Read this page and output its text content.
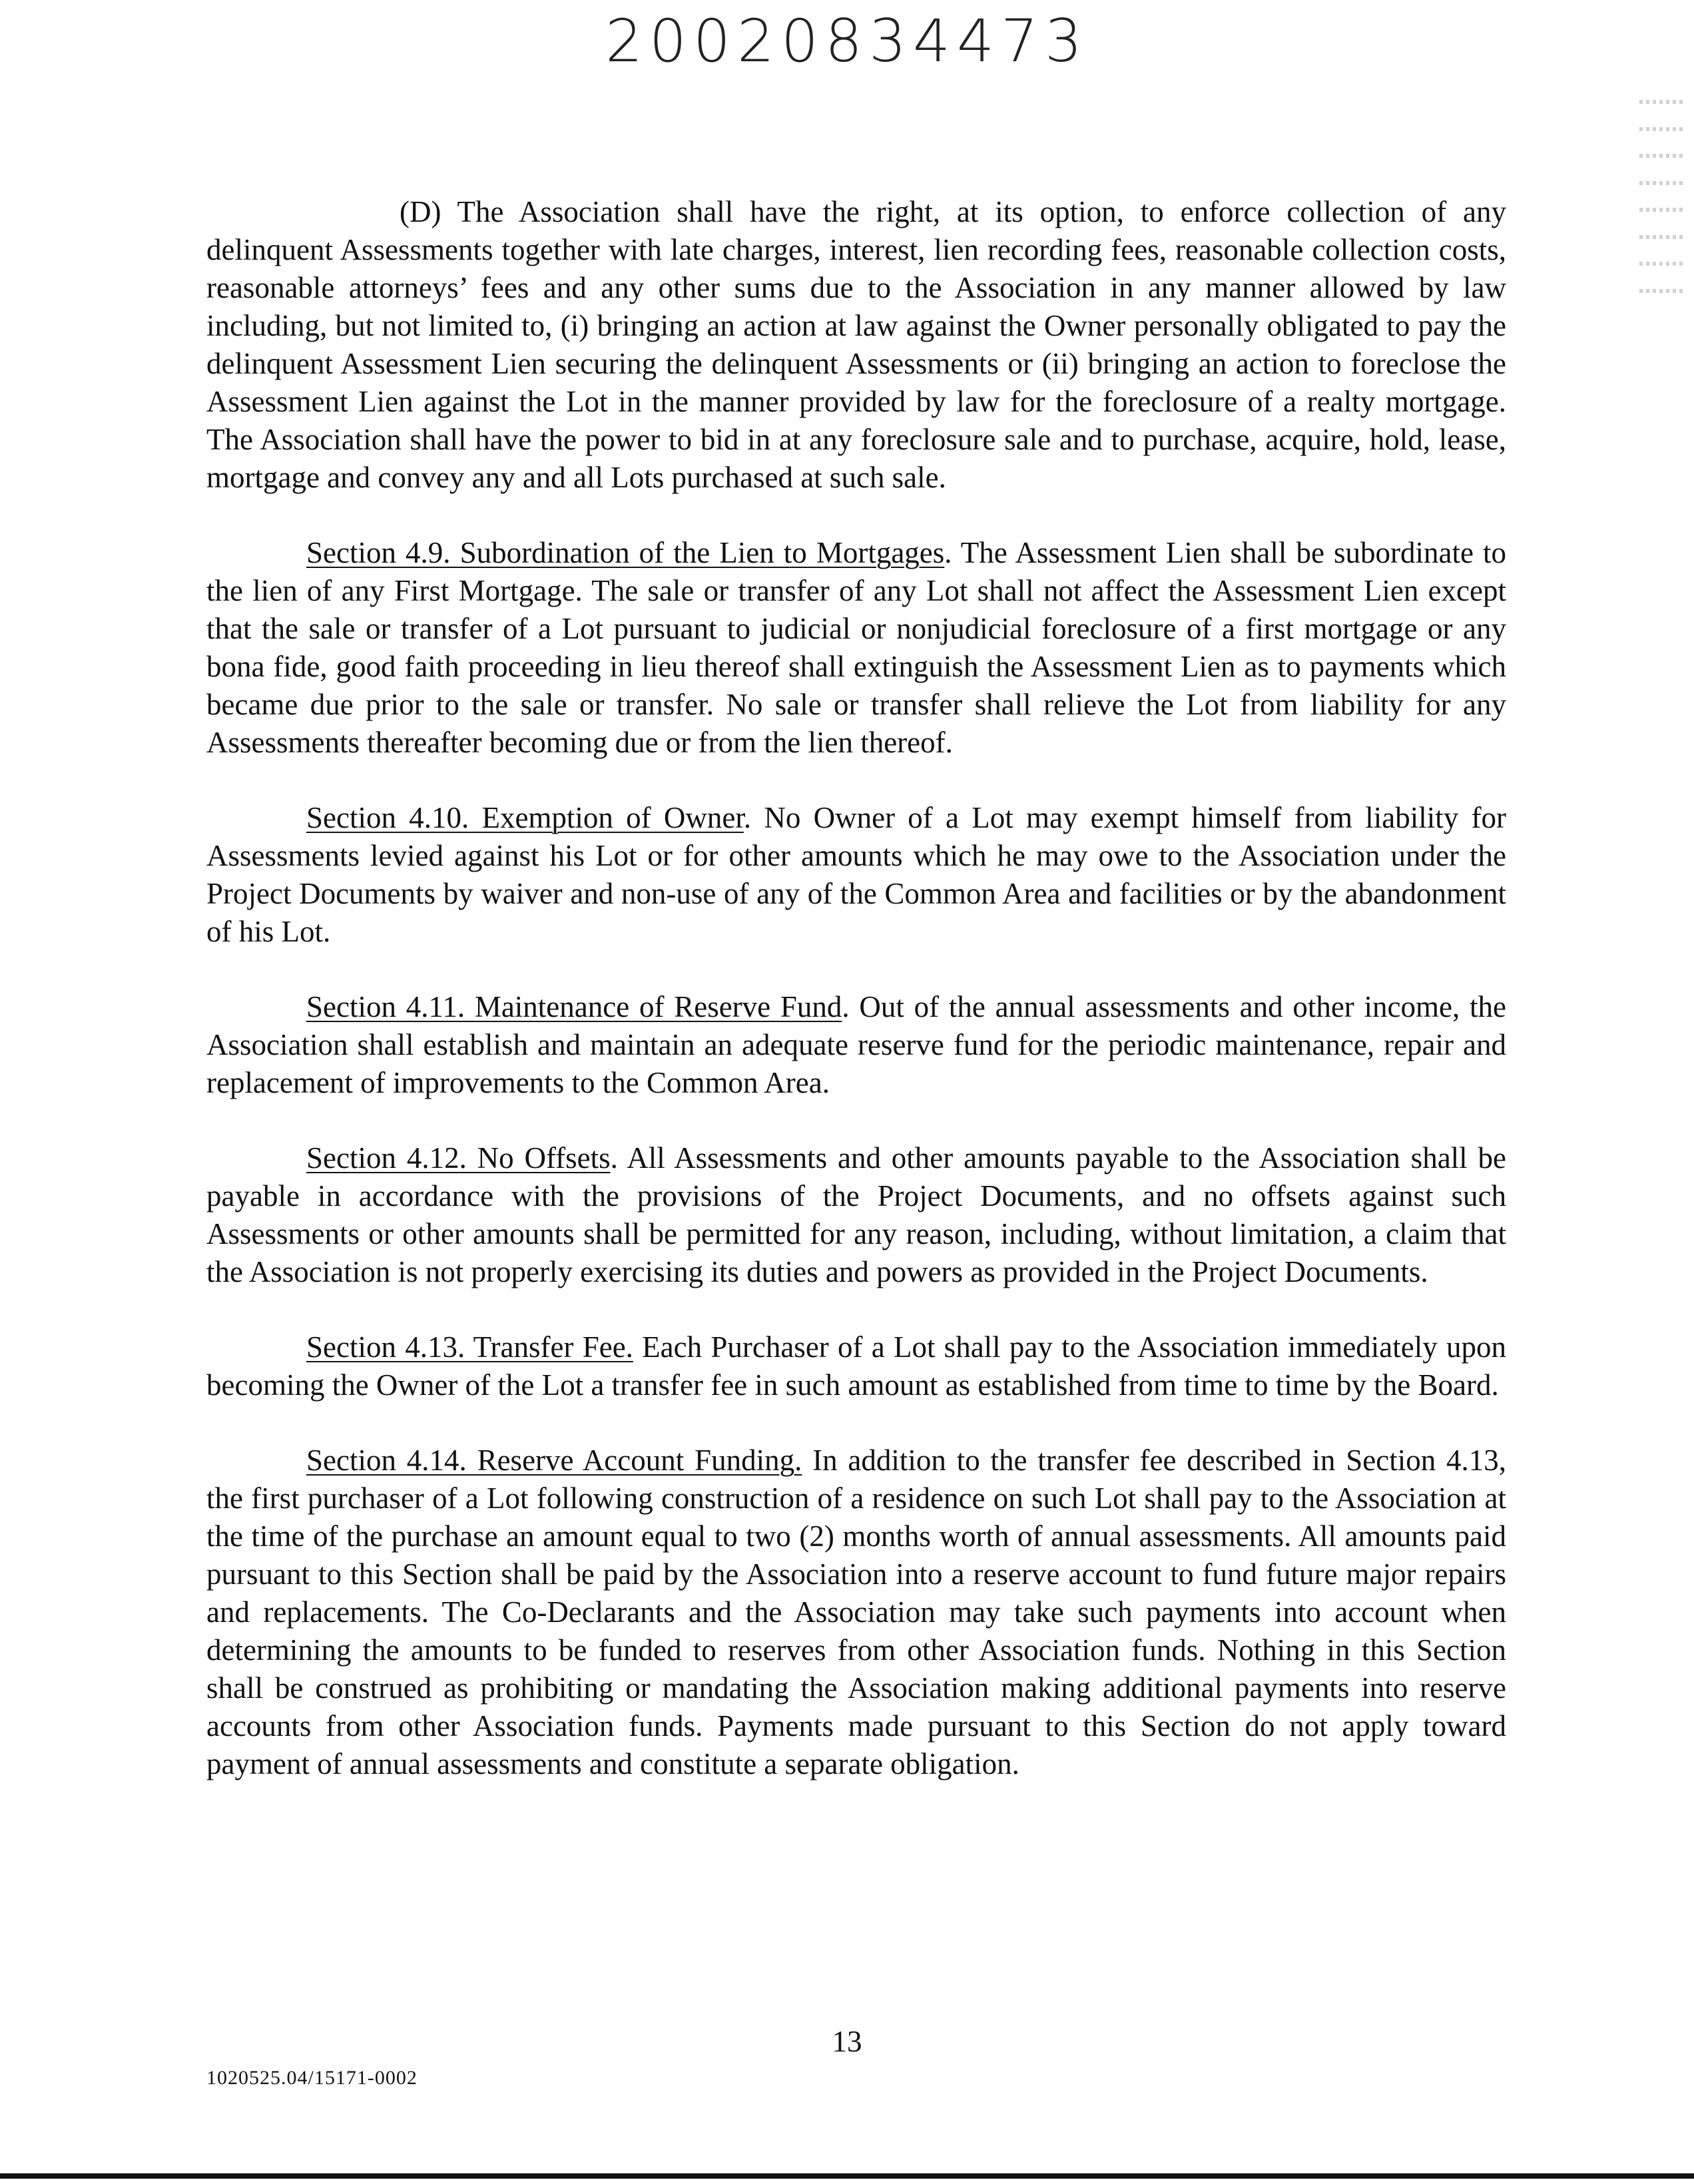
20020834473

(D) The Association shall have the right, at its option, to enforce collection of any delinquent Assessments together with late charges, interest, lien recording fees, reasonable collection costs, reasonable attorneys’ fees and any other sums due to the Association in any manner allowed by law including, but not limited to, (i) bringing an action at law against the Owner personally obligated to pay the delinquent Assessment Lien securing the delinquent Assessments or (ii) bringing an action to foreclose the Assessment Lien against the Lot in the manner provided by law for the foreclosure of a realty mortgage. The Association shall have the power to bid in at any foreclosure sale and to purchase, acquire, hold, lease, mortgage and convey any and all Lots purchased at such sale.

Section 4.9. Subordination of the Lien to Mortgages. The Assessment Lien shall be subordinate to the lien of any First Mortgage. The sale or transfer of any Lot shall not affect the Assessment Lien except that the sale or transfer of a Lot pursuant to judicial or nonjudicial foreclosure of a first mortgage or any bona fide, good faith proceeding in lieu thereof shall extinguish the Assessment Lien as to payments which became due prior to the sale or transfer. No sale or transfer shall relieve the Lot from liability for any Assessments thereafter becoming due or from the lien thereof.

Section 4.10. Exemption of Owner. No Owner of a Lot may exempt himself from liability for Assessments levied against his Lot or for other amounts which he may owe to the Association under the Project Documents by waiver and non-use of any of the Common Area and facilities or by the abandonment of his Lot.

Section 4.11. Maintenance of Reserve Fund. Out of the annual assessments and other income, the Association shall establish and maintain an adequate reserve fund for the periodic maintenance, repair and replacement of improvements to the Common Area.

Section 4.12. No Offsets. All Assessments and other amounts payable to the Association shall be payable in accordance with the provisions of the Project Documents, and no offsets against such Assessments or other amounts shall be permitted for any reason, including, without limitation, a claim that the Association is not properly exercising its duties and powers as provided in the Project Documents.

Section 4.13. Transfer Fee. Each Purchaser of a Lot shall pay to the Association immediately upon becoming the Owner of the Lot a transfer fee in such amount as established from time to time by the Board.

Section 4.14. Reserve Account Funding. In addition to the transfer fee described in Section 4.13, the first purchaser of a Lot following construction of a residence on such Lot shall pay to the Association at the time of the purchase an amount equal to two (2) months worth of annual assessments. All amounts paid pursuant to this Section shall be paid by the Association into a reserve account to fund future major repairs and replacements. The Co-Declarants and the Association may take such payments into account when determining the amounts to be funded to reserves from other Association funds. Nothing in this Section shall be construed as prohibiting or mandating the Association making additional payments into reserve accounts from other Association funds. Payments made pursuant to this Section do not apply toward payment of annual assessments and constitute a separate obligation.

13
1020525.04/15171-0002
